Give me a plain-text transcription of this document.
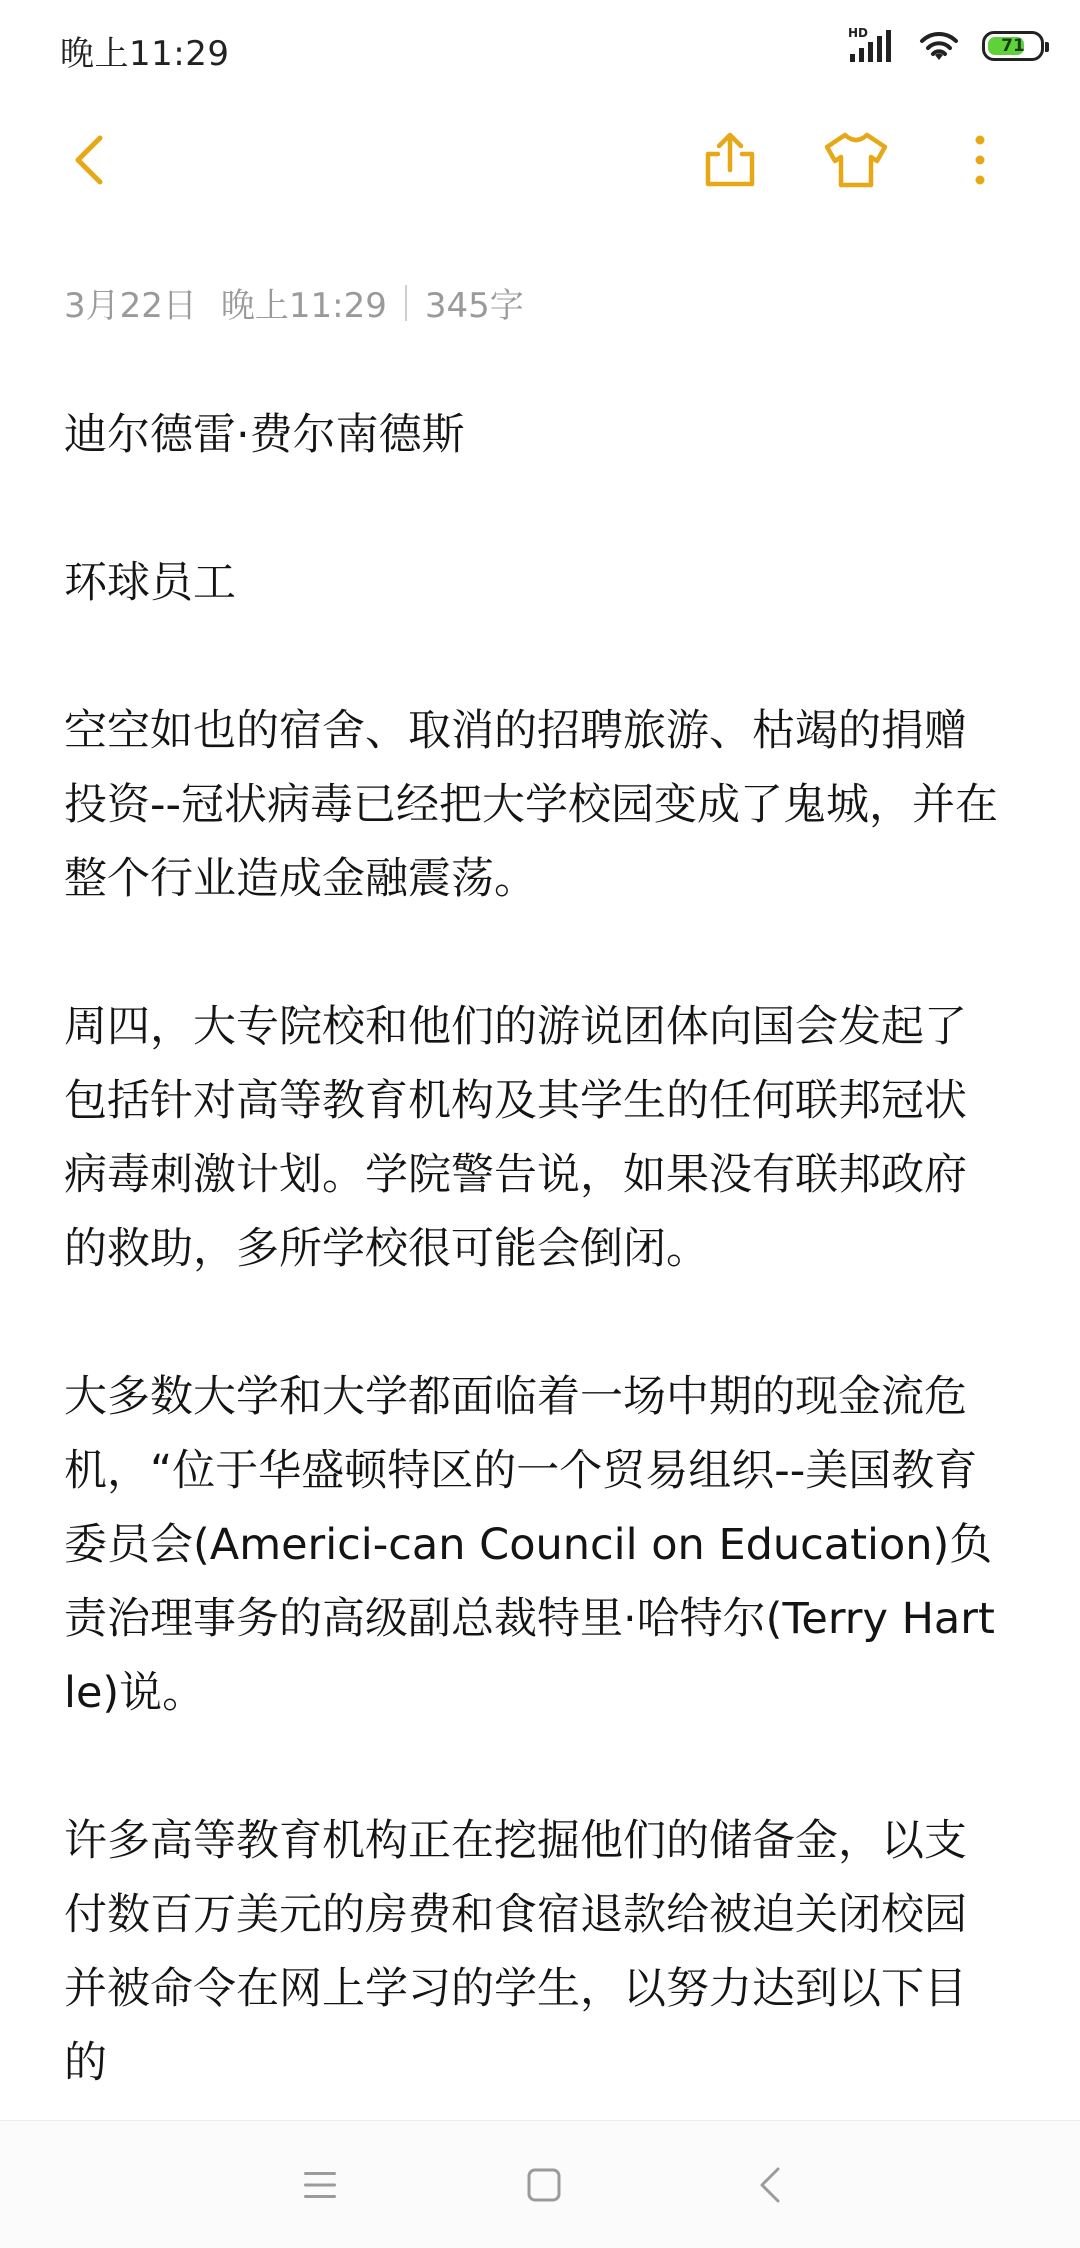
晚上11:29
HD
71
3月22日 晚上11:29 345字

迪尔德雷·费尔南德斯

环球员工

空空如也的宿舍、取消的招聘旅游、枯竭的捐赠投资--冠状病毒已经把大学校园变成了鬼城，并在整个行业造成金融震荡。

周四，大专院校和他们的游说团体向国会发起了包括针对高等教育机构及其学生的任何联邦冠状病毒刺激计划。学院警告说，如果没有联邦政府的救助，多所学校很可能会倒闭。

大多数大学和大学都面临着一场中期的现金流危机，“位于华盛顿特区的一个贸易组织--美国教育委员会(Americi-can Council on Education)负责治理事务的高级副总裁特里·哈特尔(Terry Hartle)说。

许多高等教育机构正在挖掘他们的储备金，以支付数百万美元的房费和食宿退款给被迫关闭校园并被命令在网上学习的学生，以努力达到以下目的
